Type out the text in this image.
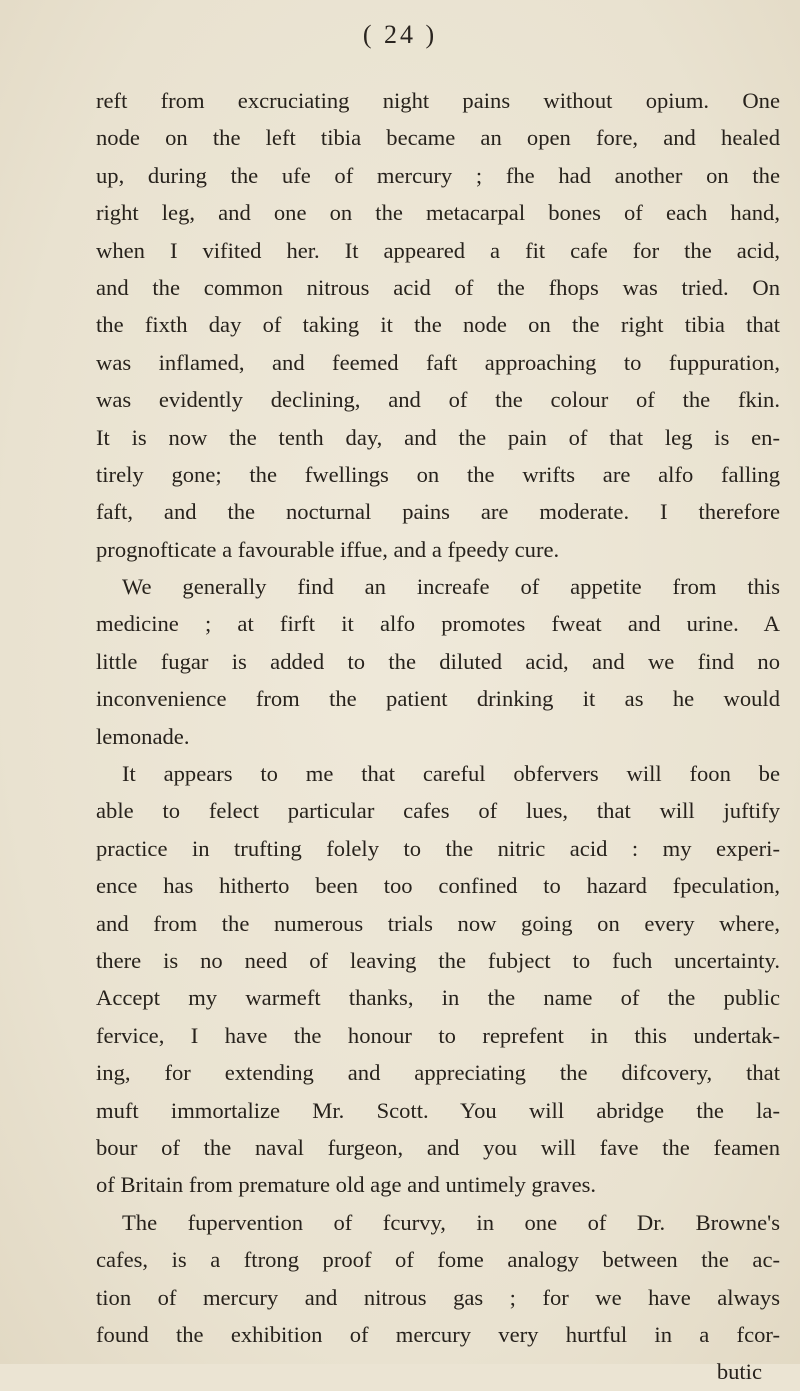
( 24 )
reft from excruciating night pains without opium. One
node on the left tibia became an open fore, and healed
up, during the ufe of mercury ; fhe had another on the
right leg, and one on the metacarpal bones of each hand,
when I vifited her. It appeared a fit cafe for the acid,
and the common nitrous acid of the fhops was tried. On
the fixth day of taking it the node on the right tibia that
was inflamed, and feemed faft approaching to fuppuration,
was evidently declining, and of the colour of the fkin.
It is now the tenth day, and the pain of that leg is en-
tirely gone; the fwellings on the wrifts are alfo falling
faft, and the nocturnal pains are moderate. I therefore
prognofticate a favourable iffue, and a fpeedy cure.
We generally find an increafe of appetite from this
medicine ; at firft it alfo promotes fweat and urine. A
little fugar is added to the diluted acid, and we find no
inconvenience from the patient drinking it as he would
lemonade.
It appears to me that careful obfervers will foon be
able to felect particular cafes of lues, that will juftify
practice in trufting folely to the nitric acid : my experi-
ence has hitherto been too confined to hazard fpeculation,
and from the numerous trials now going on every where,
there is no need of leaving the fubject to fuch uncertainty.
Accept my warmeft thanks, in the name of the public
fervice, I have the honour to reprefent in this undertak-
ing, for extending and appreciating the difcovery, that
muft immortalize Mr. Scott. You will abridge the la-
bour of the naval furgeon, and you will fave the feamen
of Britain from premature old age and untimely graves.
The fupervention of fcurvy, in one of Dr. Browne's
cafes, is a ftrong proof of fome analogy between the ac-
tion of mercury and nitrous gas ; for we have always
found the exhibition of mercury very hurtful in a fcor-
butic
